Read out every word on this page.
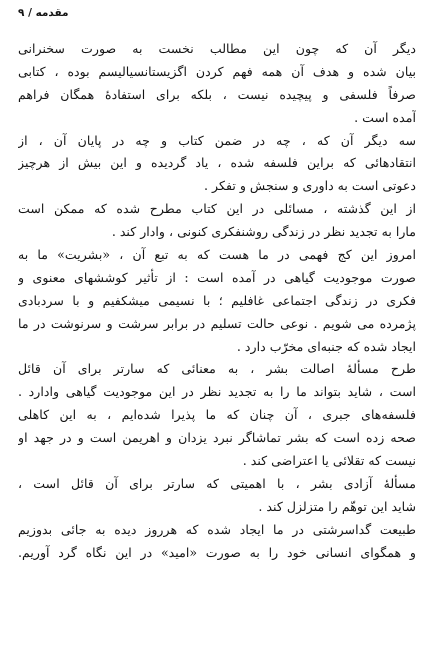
مقدمه / ۹
دیگر آن که چون این مطالب نخست به صورت سخنرانی
بیان شده و هدف آن همه فهم کردن اگزیستانسیالیسم بوده ، کتابی
صرفاً فلسفی و پیچیده نیست ، بلکه برای استفادهٔ همگان فراهم
آمده است .
سه دیگر آن که ، چه در ضمن کتاب و چه در پایان آن ، از
انتقادهائی که براین فلسفه شده ، یاد گردیده و این بیش از هرچیز
دعوتی است به داوری و سنجش و تفکر .
از این گذشته ، مسائلی در این کتاب مطرح شده که ممکن است
مارا به تجدید نظر در زندگی روشنفکری کنونی ، وادار کند .
امروز این کج فهمی در ما هست که به تبع آن ، «بشریت» ما به
صورت موجودیت گیاهی در آمده است : از تأثیر کوششهای معنوی و
فکری در زندگی اجتماعی غافلیم ؛ با نسیمی میشکفیم و با سردبادی
پژمرده می شویم . نوعی حالت تسلیم در برابر سرشت و سرنوشت در ما
ایجاد شده که جنبه‌ای مخرّب دارد .
طرح مسألهٔ اصالت بشر ، به معنائی که سارتر برای آن قائل
است ، شاید بتواند ما را به تجدید نظر در این موجودیت گیاهی وادارد .
فلسفه‌های جبری ، آن چنان که ما پذیرا شده‌ایم ، به این کاهلی
صحه زده است که بشر تماشاگر نبرد یزدان و اهریمن است و در جهد او
نیست که تقلائی یا اعتراضی کند .
مسألهٔ آزادی بشر ، با اهمیتی که سارتر برای آن قائل است ،
شاید این توهّم را متزلزل کند .
طبیعت گداسرشتی در ما ایجاد شده که هرروز دیده به جائی بدوزیم
و همگوای انسانی خود را به صورت «امید» در این نگاه گرد آوریم.
